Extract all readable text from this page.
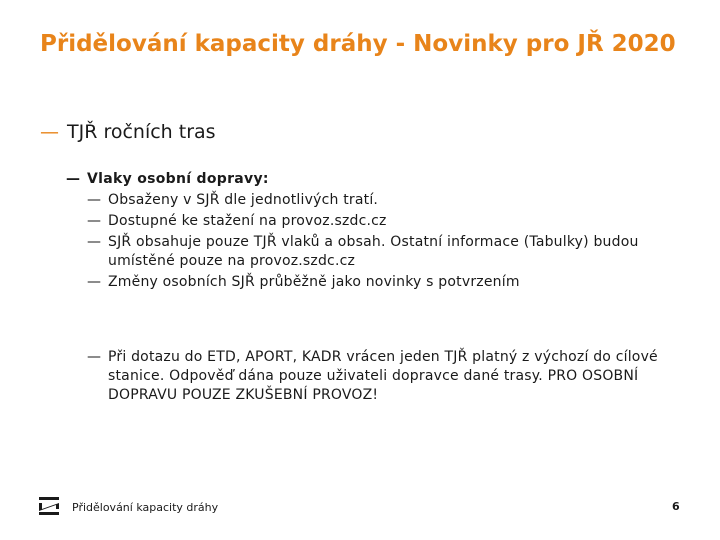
Přidělování kapacity dráhy - Novinky pro JŘ 2020
— TJŘ ročních tras
— Vlaky osobní dopravy:
— Obsaženy v SJŘ dle jednotlivých tratí.
— Dostupné ke stažení na provoz.szdc.cz
— SJŘ obsahuje pouze TJŘ vlaků a obsah. Ostatní informace (Tabulky) budou umístěné pouze na provoz.szdc.cz
— Změny osobních SJŘ průběžně jako novinky s potvrzením
— Při dotazu do ETD, APORT, KADR vrácen jeden TJŘ platný z výchozí do cílové stanice. Odpověď dána pouze uživateli dopravce dané trasy. PRO OSOBNÍ DOPRAVU POUZE ZKUŠEBNÍ PROVOZ!
Přidělování kapacity dráhy	6
